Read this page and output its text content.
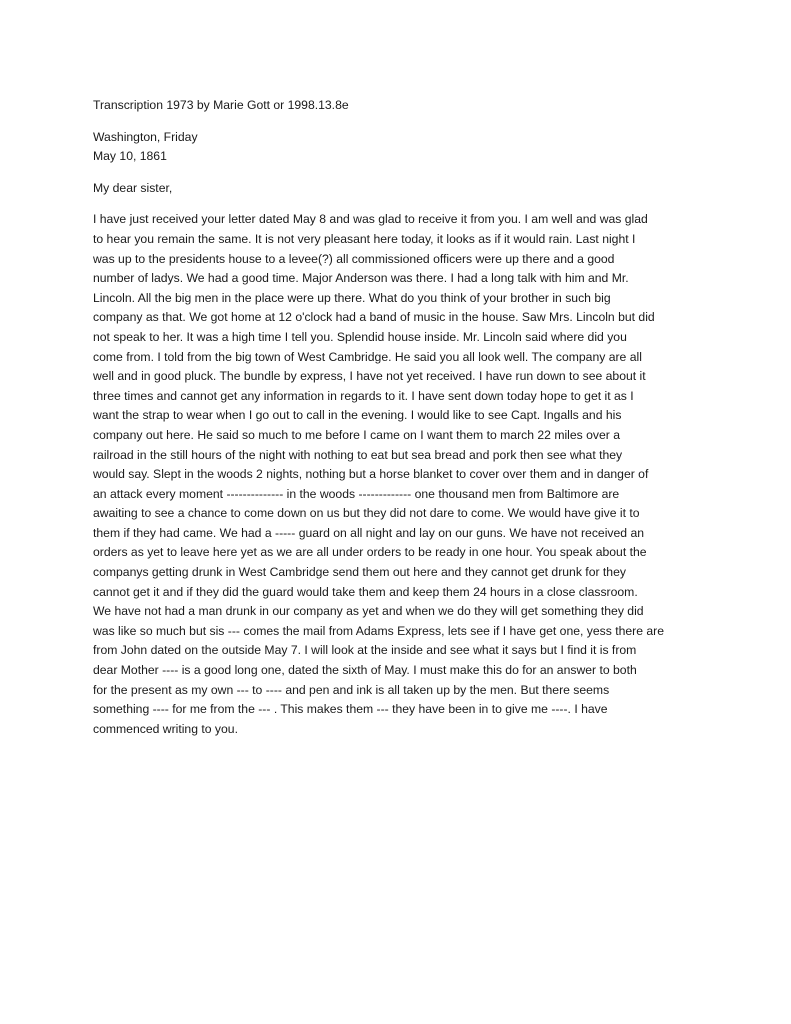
Transcription 1973 by Marie Gott or 1998.13.8e
Washington, Friday
May 10, 1861
My dear sister,
I have just received your letter dated May 8 and was glad to receive it from you. I am well and was glad
to hear you remain the same. It is not very pleasant here today, it looks as if it would rain. Last night I
was up to the presidents house to a levee(?) all commissioned officers were up there and a good
number of ladys. We had a good time. Major Anderson was there. I had a long talk with him and Mr.
Lincoln. All the big men in the place were up there. What do you think of your brother in such big
company as that. We got home at 12 o'clock had a band of music in the house. Saw Mrs. Lincoln but did
not speak to her. It was a high time I tell you. Splendid house inside. Mr. Lincoln said where did you
come from. I told from the big town of West Cambridge. He said you all look well. The company are all
well and in good pluck. The bundle by express, I have not yet received. I have run down to see about it
three times and cannot get any information in regards to it. I have sent down today hope to get it as I
want the strap to wear when I go out to call in the evening. I would like to see Capt. Ingalls and his
company out here. He said so much to me before I came on I want them to march 22 miles over a
railroad in the still hours of the night with nothing to eat but sea bread and pork then see what they
would say. Slept in the woods 2 nights, nothing but a horse blanket to cover over them and in danger of
an attack every moment -------------- in the woods ------------- one thousand men from Baltimore are
awaiting to see a chance to come down on us but they did not dare to come. We would have give it to
them if they had came. We had a ----- guard on all night and lay on our guns. We have not received an
orders as yet to leave here yet as we are all under orders to be ready in one hour. You speak about the
companys getting drunk in West Cambridge send them out here and they cannot get drunk for they
cannot get it and if they did the guard would take them and keep them 24 hours in a close classroom.
We have not had a man drunk in our company as yet and when we do they will get something they did
was like so much but sis --- comes the mail from Adams Express, lets see if I have get one, yess there are
from John dated on the outside May 7. I will look at the inside and see what it says but I find it is from
dear Mother ---- is a good long one, dated the sixth of May. I must make this do for an answer to both
for the present as my own --- to ---- and pen and ink is all taken up by the men. But there seems
something ---- for me from the --- . This makes them --- they have been in to give me ----. I have
commenced writing to you.
